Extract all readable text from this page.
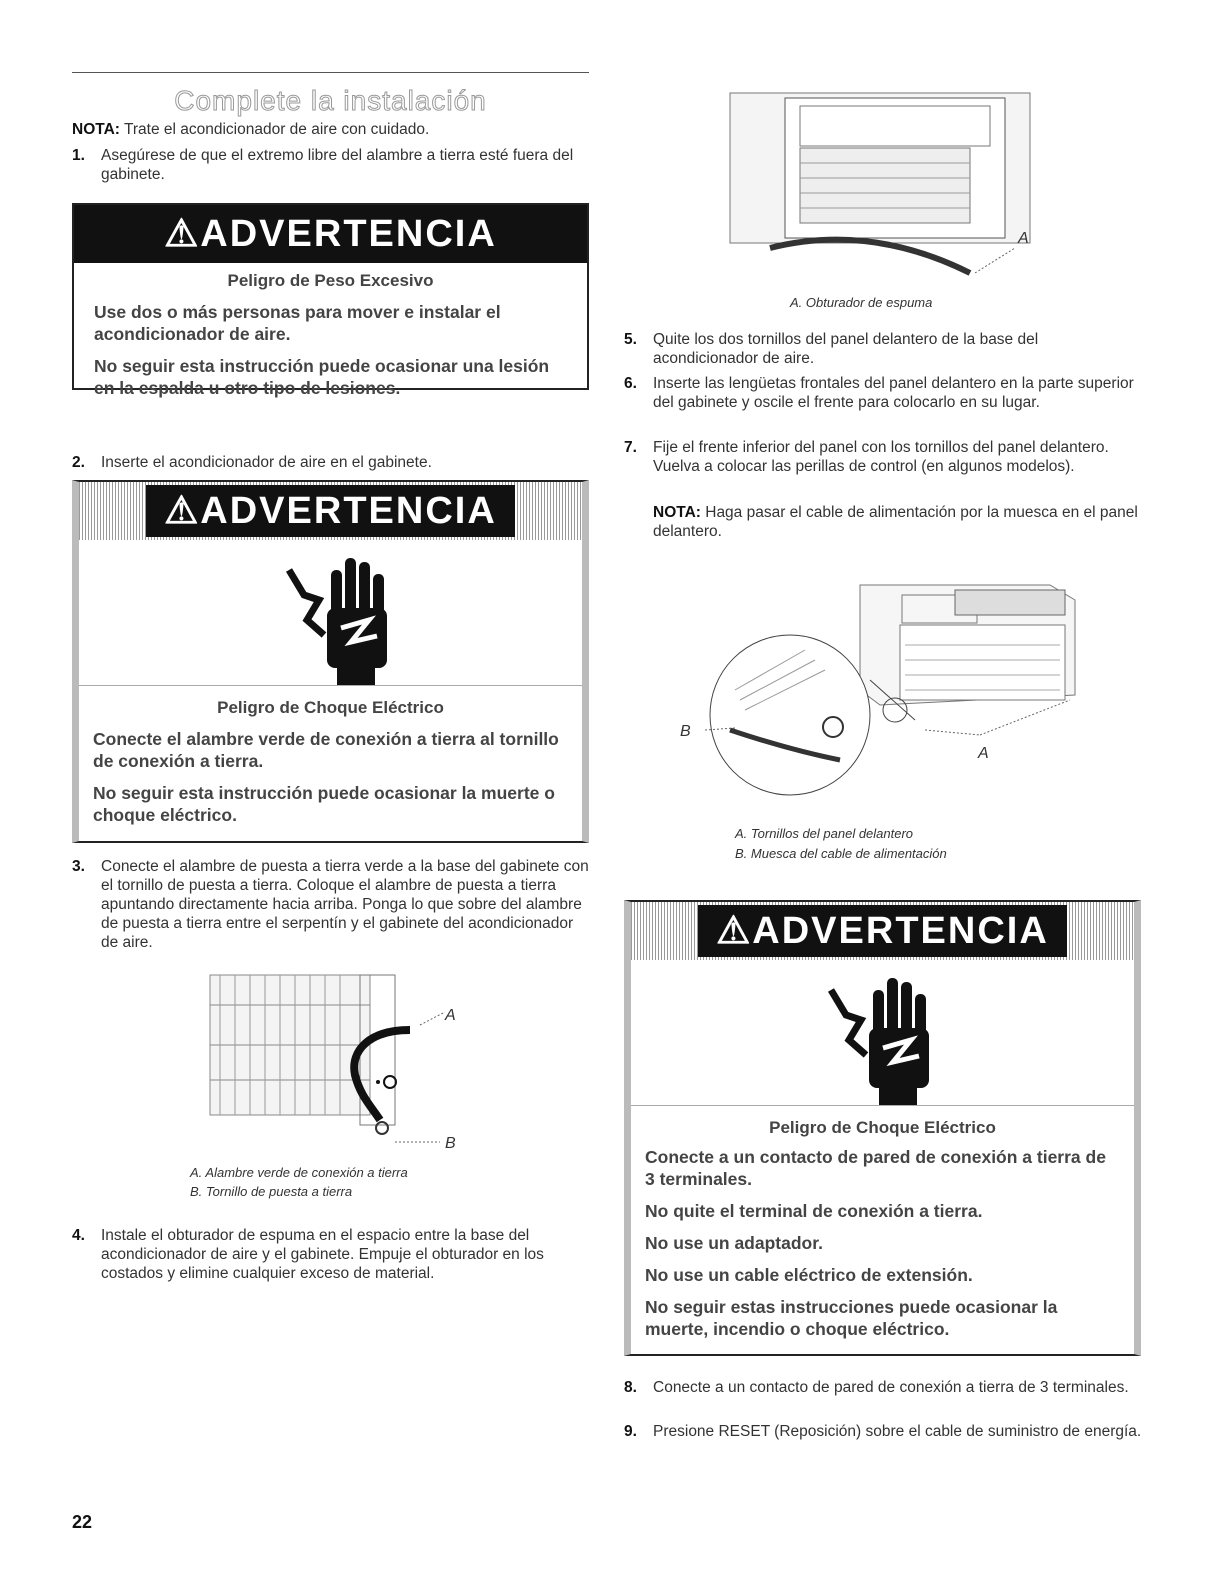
Complete la instalación
NOTA: Trate el acondicionador de aire con cuidado.
1. Asegúrese de que el extremo libre del alambre a tierra esté fuera del gabinete.
⚠ADVERTENCIA
Peligro de Peso Excesivo
Use dos o más personas para mover e instalar el acondicionador de aire.
No seguir esta instrucción puede ocasionar una lesión en la espalda u otro tipo de lesiones.
2. Inserte el acondicionador de aire en el gabinete.
⚠ADVERTENCIA
Peligro de Choque Eléctrico
Conecte el alambre verde de conexión a tierra al tornillo de conexión a tierra.
No seguir esta instrucción puede ocasionar la muerte o choque eléctrico.
3. Conecte el alambre de puesta a tierra verde a la base del gabinete con el tornillo de puesta a tierra. Coloque el alambre de puesta a tierra apuntando directamente hacia arriba. Ponga lo que sobre del alambre de puesta a tierra entre el serpentín y el gabinete del acondicionador de aire.
A
B
A. Alambre verde de conexión a tierra
B. Tornillo de puesta a tierra
4. Instale el obturador de espuma en el espacio entre la base del acondicionador de aire y el gabinete. Empuje el obturador en los costados y elimine cualquier exceso de material.
A
A. Obturador de espuma
5. Quite los dos tornillos del panel delantero de la base del acondicionador de aire.
6. Inserte las lengüetas frontales del panel delantero en la parte superior del gabinete y oscile el frente para colocarlo en su lugar.
7. Fije el frente inferior del panel con los tornillos del panel delantero. Vuelva a colocar las perillas de control (en algunos modelos).
NOTA: Haga pasar el cable de alimentación por la muesca en el panel delantero.
B
A
A. Tornillos del panel delantero
B. Muesca del cable de alimentación
⚠ADVERTENCIA
Peligro de Choque Eléctrico
Conecte a un contacto de pared de conexión a tierra de 3 terminales.
No quite el terminal de conexión a tierra.
No use un adaptador.
No use un cable eléctrico de extensión.
No seguir estas instrucciones puede ocasionar la muerte, incendio o choque eléctrico.
8. Conecte a un contacto de pared de conexión a tierra de 3 terminales.
9. Presione RESET (Reposición) sobre el cable de suministro de energía.
22
